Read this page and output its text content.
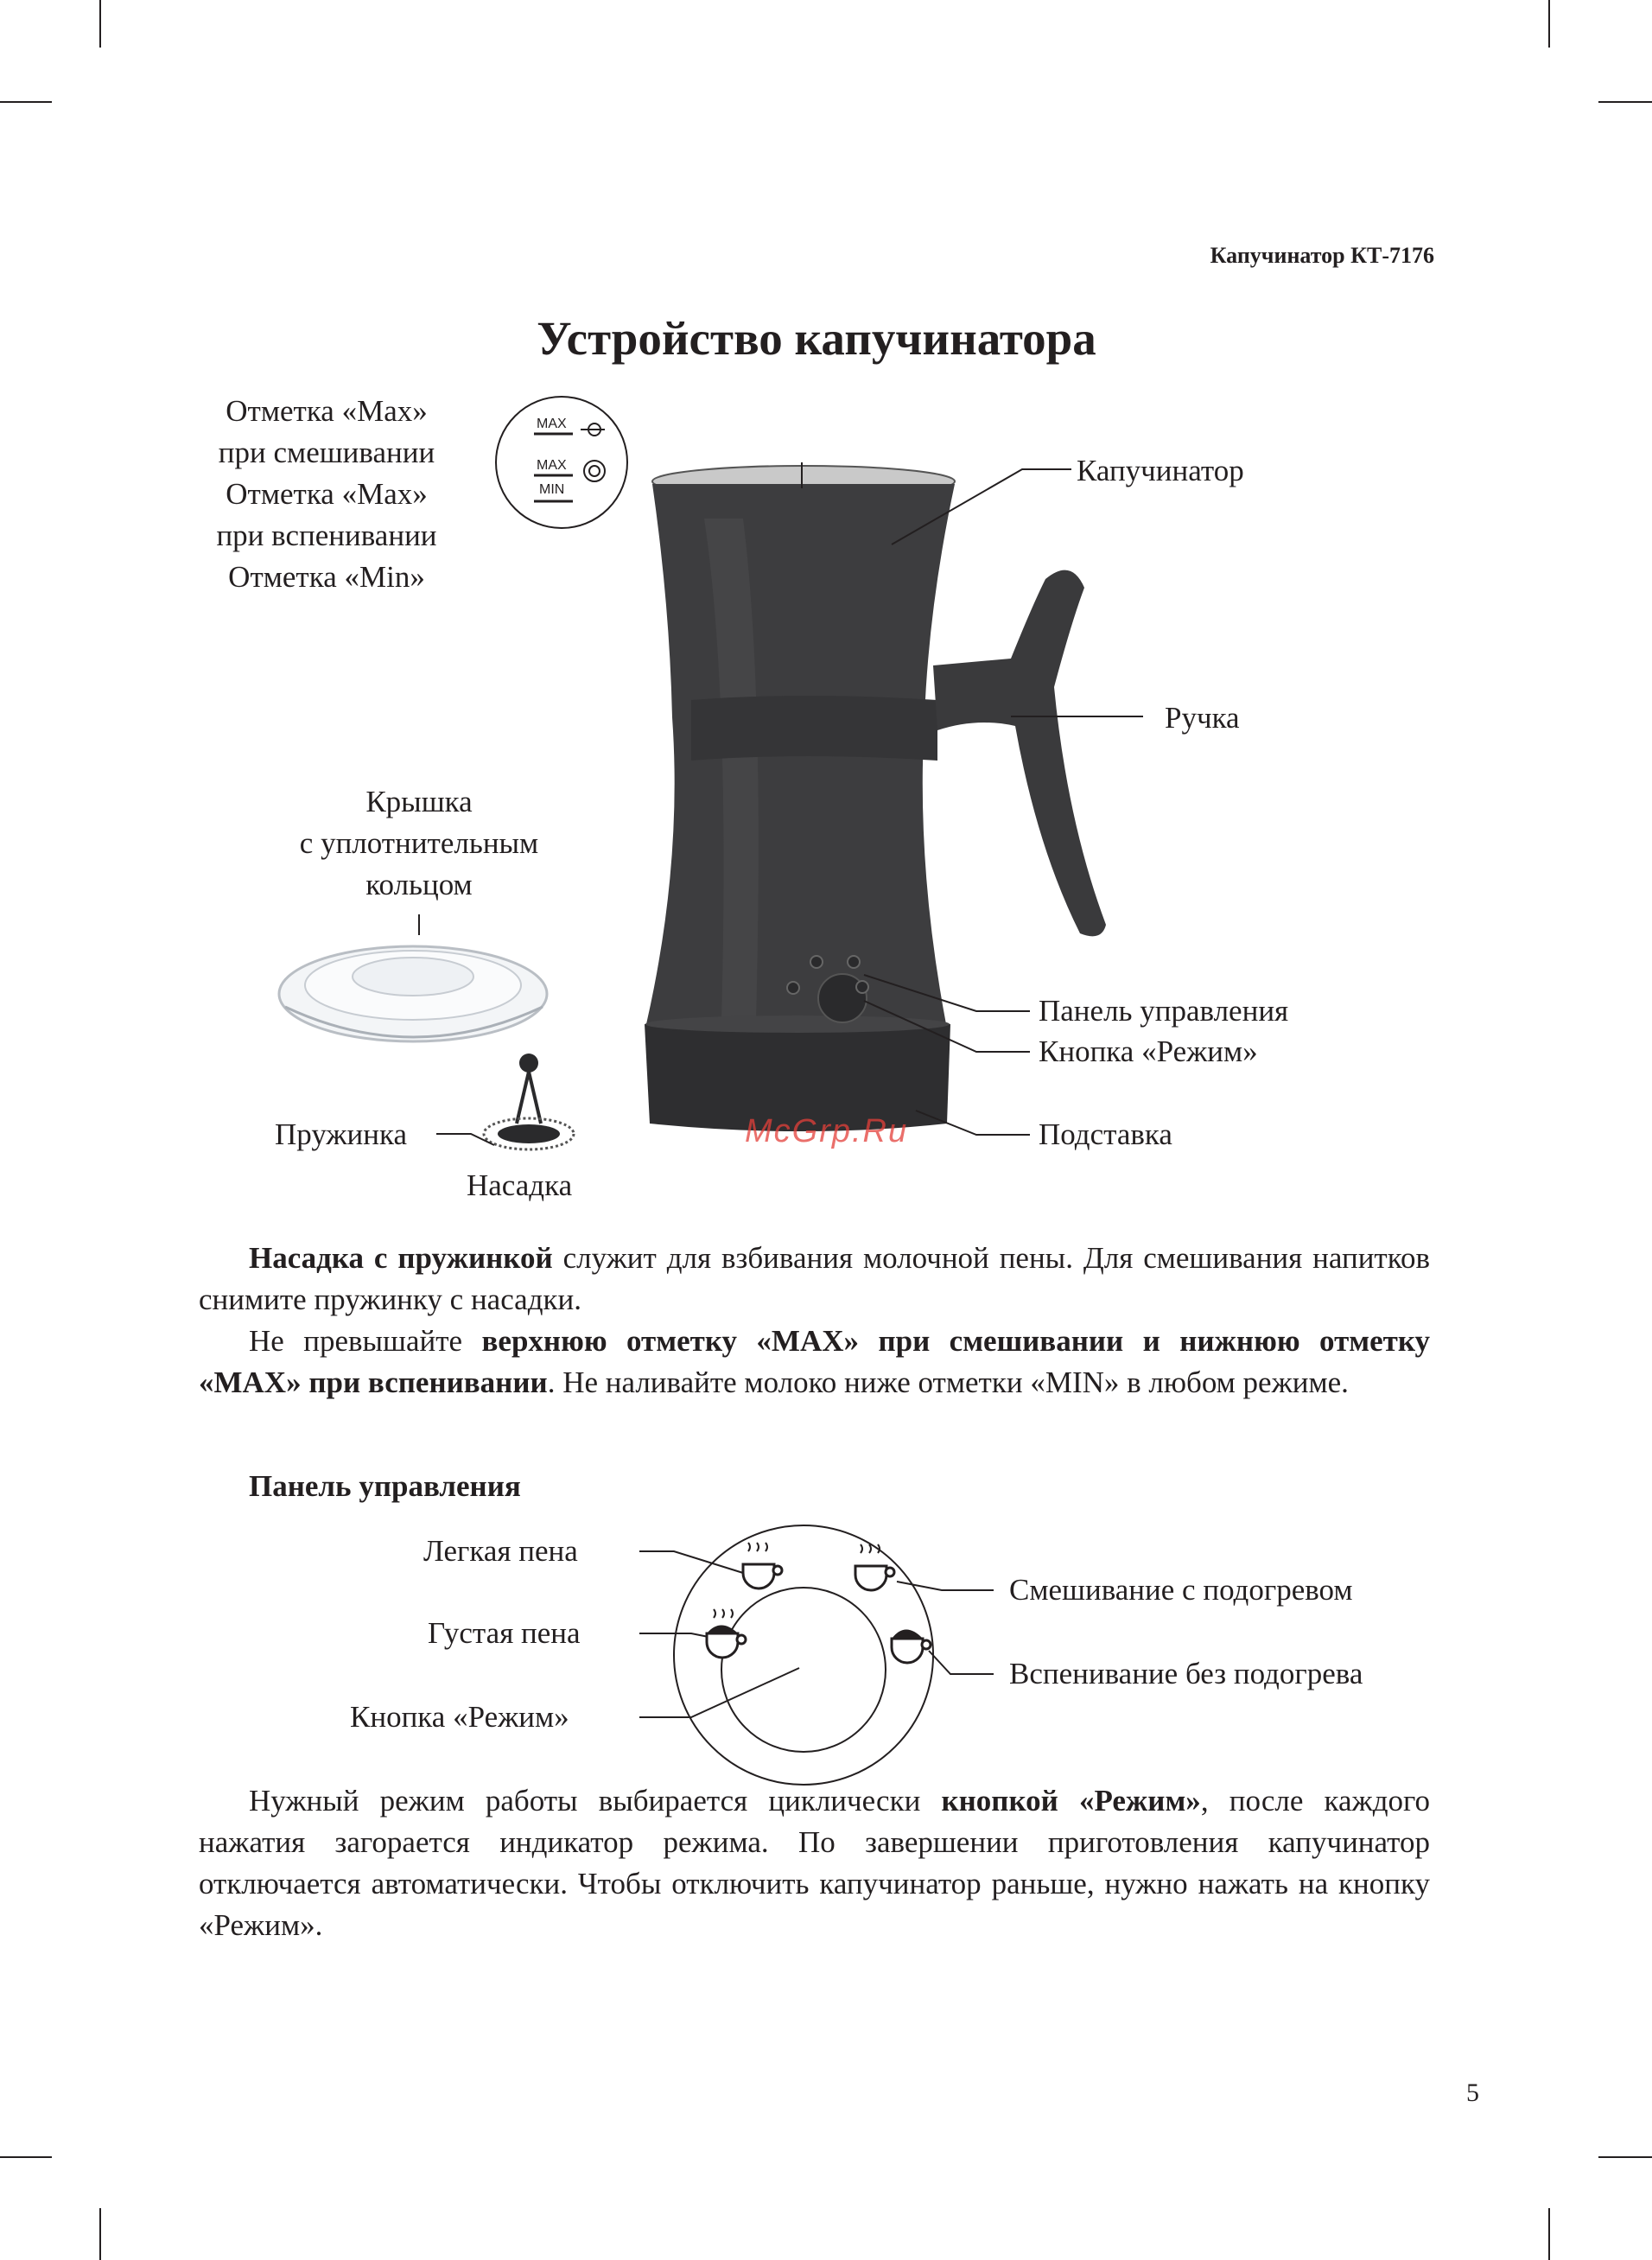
Капучинатор КТ-7176
Устройство капучинатора
Отметка «Max»
при смешивании
Отметка «Max»
при вспенивании
Отметка «Min»
MAX
MAX
MIN
Капучинатор
Ручка
Крышка
с уплотнительным
кольцом
Панель управления
Кнопка «Режим»
Подставка
Пружинка
Насадка
McGrp.Ru

Насадка с пружинкой служит для взбивания молочной пены. Для смешивания напитков снимите пружинку с насадки.

Не превышайте верхнюю отметку «MAX» при смешивании и нижнюю отметку «MAX» при вспенивании. Не наливайте молоко ниже отметки «MIN» в любом режиме.

Панель управления
Легкая пена
Густая пена
Кнопка «Режим»
Смешивание с подогревом
Вспенивание без подогрева

Нужный режим работы выбирается циклически кнопкой «Режим», после каждого нажатия загорается индикатор режима. По завершении приготовления капучинатор отключается автоматически. Чтобы отключить капучинатор раньше, нужно нажать на кнопку «Режим».

5
